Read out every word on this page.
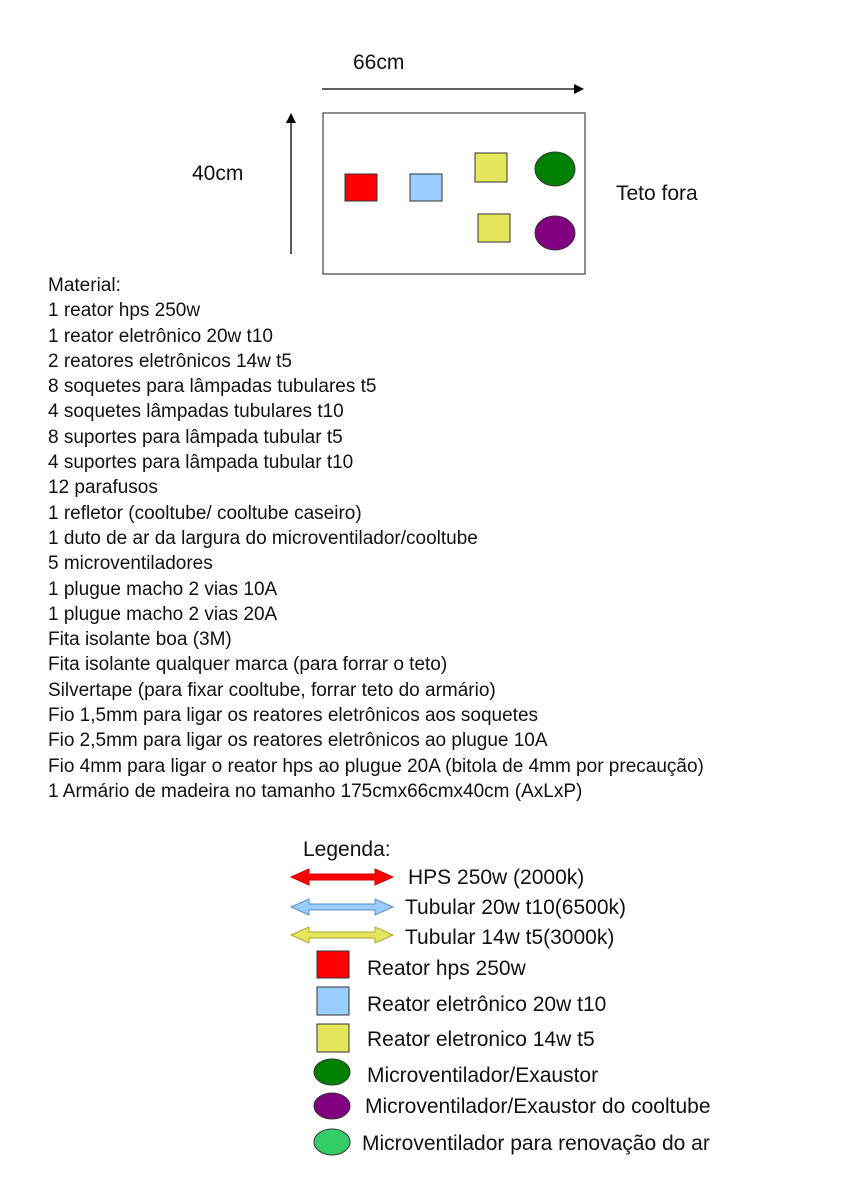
66cm
40cm
Teto fora

Material:

1 reator hps 250w

1 reator eletrônico 20w t10

2 reatores eletrônicos 14w t5

8 soquetes para lâmpadas tubulares t5

4 soquetes lâmpadas tubulares t10

8 suportes para lâmpada tubular t5

4 suportes para lâmpada tubular t10

12 parafusos

1 refletor (cooltube/ cooltube caseiro)

1 duto de ar da largura do microventilador/cooltube

5 microventiladores

1 plugue macho 2 vias 10A

1 plugue macho 2 vias 20A

Fita isolante boa (3M)

Fita isolante qualquer marca (para forrar o teto)

Silvertape (para fixar cooltube, forrar teto do armário)

Fio 1,5mm para ligar os reatores eletrônicos aos soquetes

Fio 2,5mm para ligar os reatores eletrônicos ao plugue 10A

Fio 4mm para ligar o reator hps ao plugue 20A (bitola de 4mm por precaução)

1 Armário de madeira no tamanho 175cmx66cmx40cm (AxLxP)

Legenda:
HPS 250w (2000k)
Tubular 20w t10(6500k)
Tubular 14w t5(3000k)
Reator hps 250w
Reator eletrônico 20w t10
Reator eletronico 14w t5
Microventilador/Exaustor
Microventilador/Exaustor do cooltube
Microventilador para renovação do ar
